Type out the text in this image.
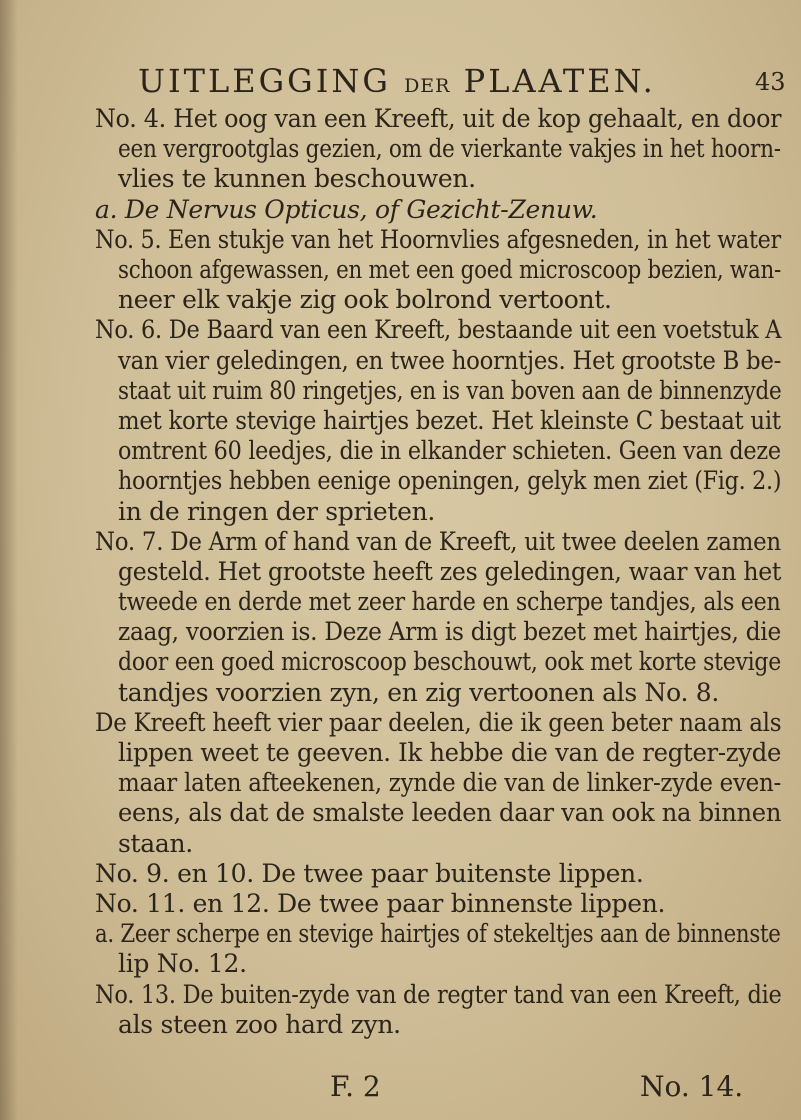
UITLEGGING DER PLAATEN.	43
No. 4. Het oog van een Kreeft, uit de kop gehaalt, en door
een vergrootglas gezien, om de vierkante vakjes in het hoorn-
vlies te kunnen beschouwen.
a. De Nervus Opticus, of Gezicht-Zenuw.
No. 5. Een stukje van het Hoornvlies afgesneden, in het water
schoon afgewassen, en met een goed microscoop bezien, wan-
neer elk vakje zig ook bolrond vertoont.
No. 6. De Baard van een Kreeft, bestaande uit een voetstuk A
van vier geledingen, en twee hoorntjes. Het grootste B be-
staat uit ruim 80 ringetjes, en is van boven aan de binnenzyde
met korte stevige hairtjes bezet. Het kleinste C bestaat uit
omtrent 60 leedjes, die in elkander schieten. Geen van deze
hoorntjes hebben eenige openingen, gelyk men ziet (Fig. 2.)
in de ringen der sprieten.
No. 7. De Arm of hand van de Kreeft, uit twee deelen zamen
gesteld. Het grootste heeft zes geledingen, waar van het
tweede en derde met zeer harde en scherpe tandjes, als een
zaag, voorzien is. Deze Arm is digt bezet met hairtjes, die
door een goed microscoop beschouwt, ook met korte stevige
tandjes voorzien zyn, en zig vertoonen als No. 8.
De Kreeft heeft vier paar deelen, die ik geen beter naam als
lippen weet te geeven. Ik hebbe die van de regter-zyde
maar laten afteekenen, zynde die van de linker-zyde even-
eens, als dat de smalste leeden daar van ook na binnen
staan.
No. 9. en 10. De twee paar buitenste lippen.
No. 11. en 12. De twee paar binnenste lippen.
a. Zeer scherpe en stevige hairtjes of stekeltjes aan de binnenste
lip No. 12.
No. 13. De buiten-zyde van de regter tand van een Kreeft, die
als steen zoo hard zyn.
F. 2	No. 14.
